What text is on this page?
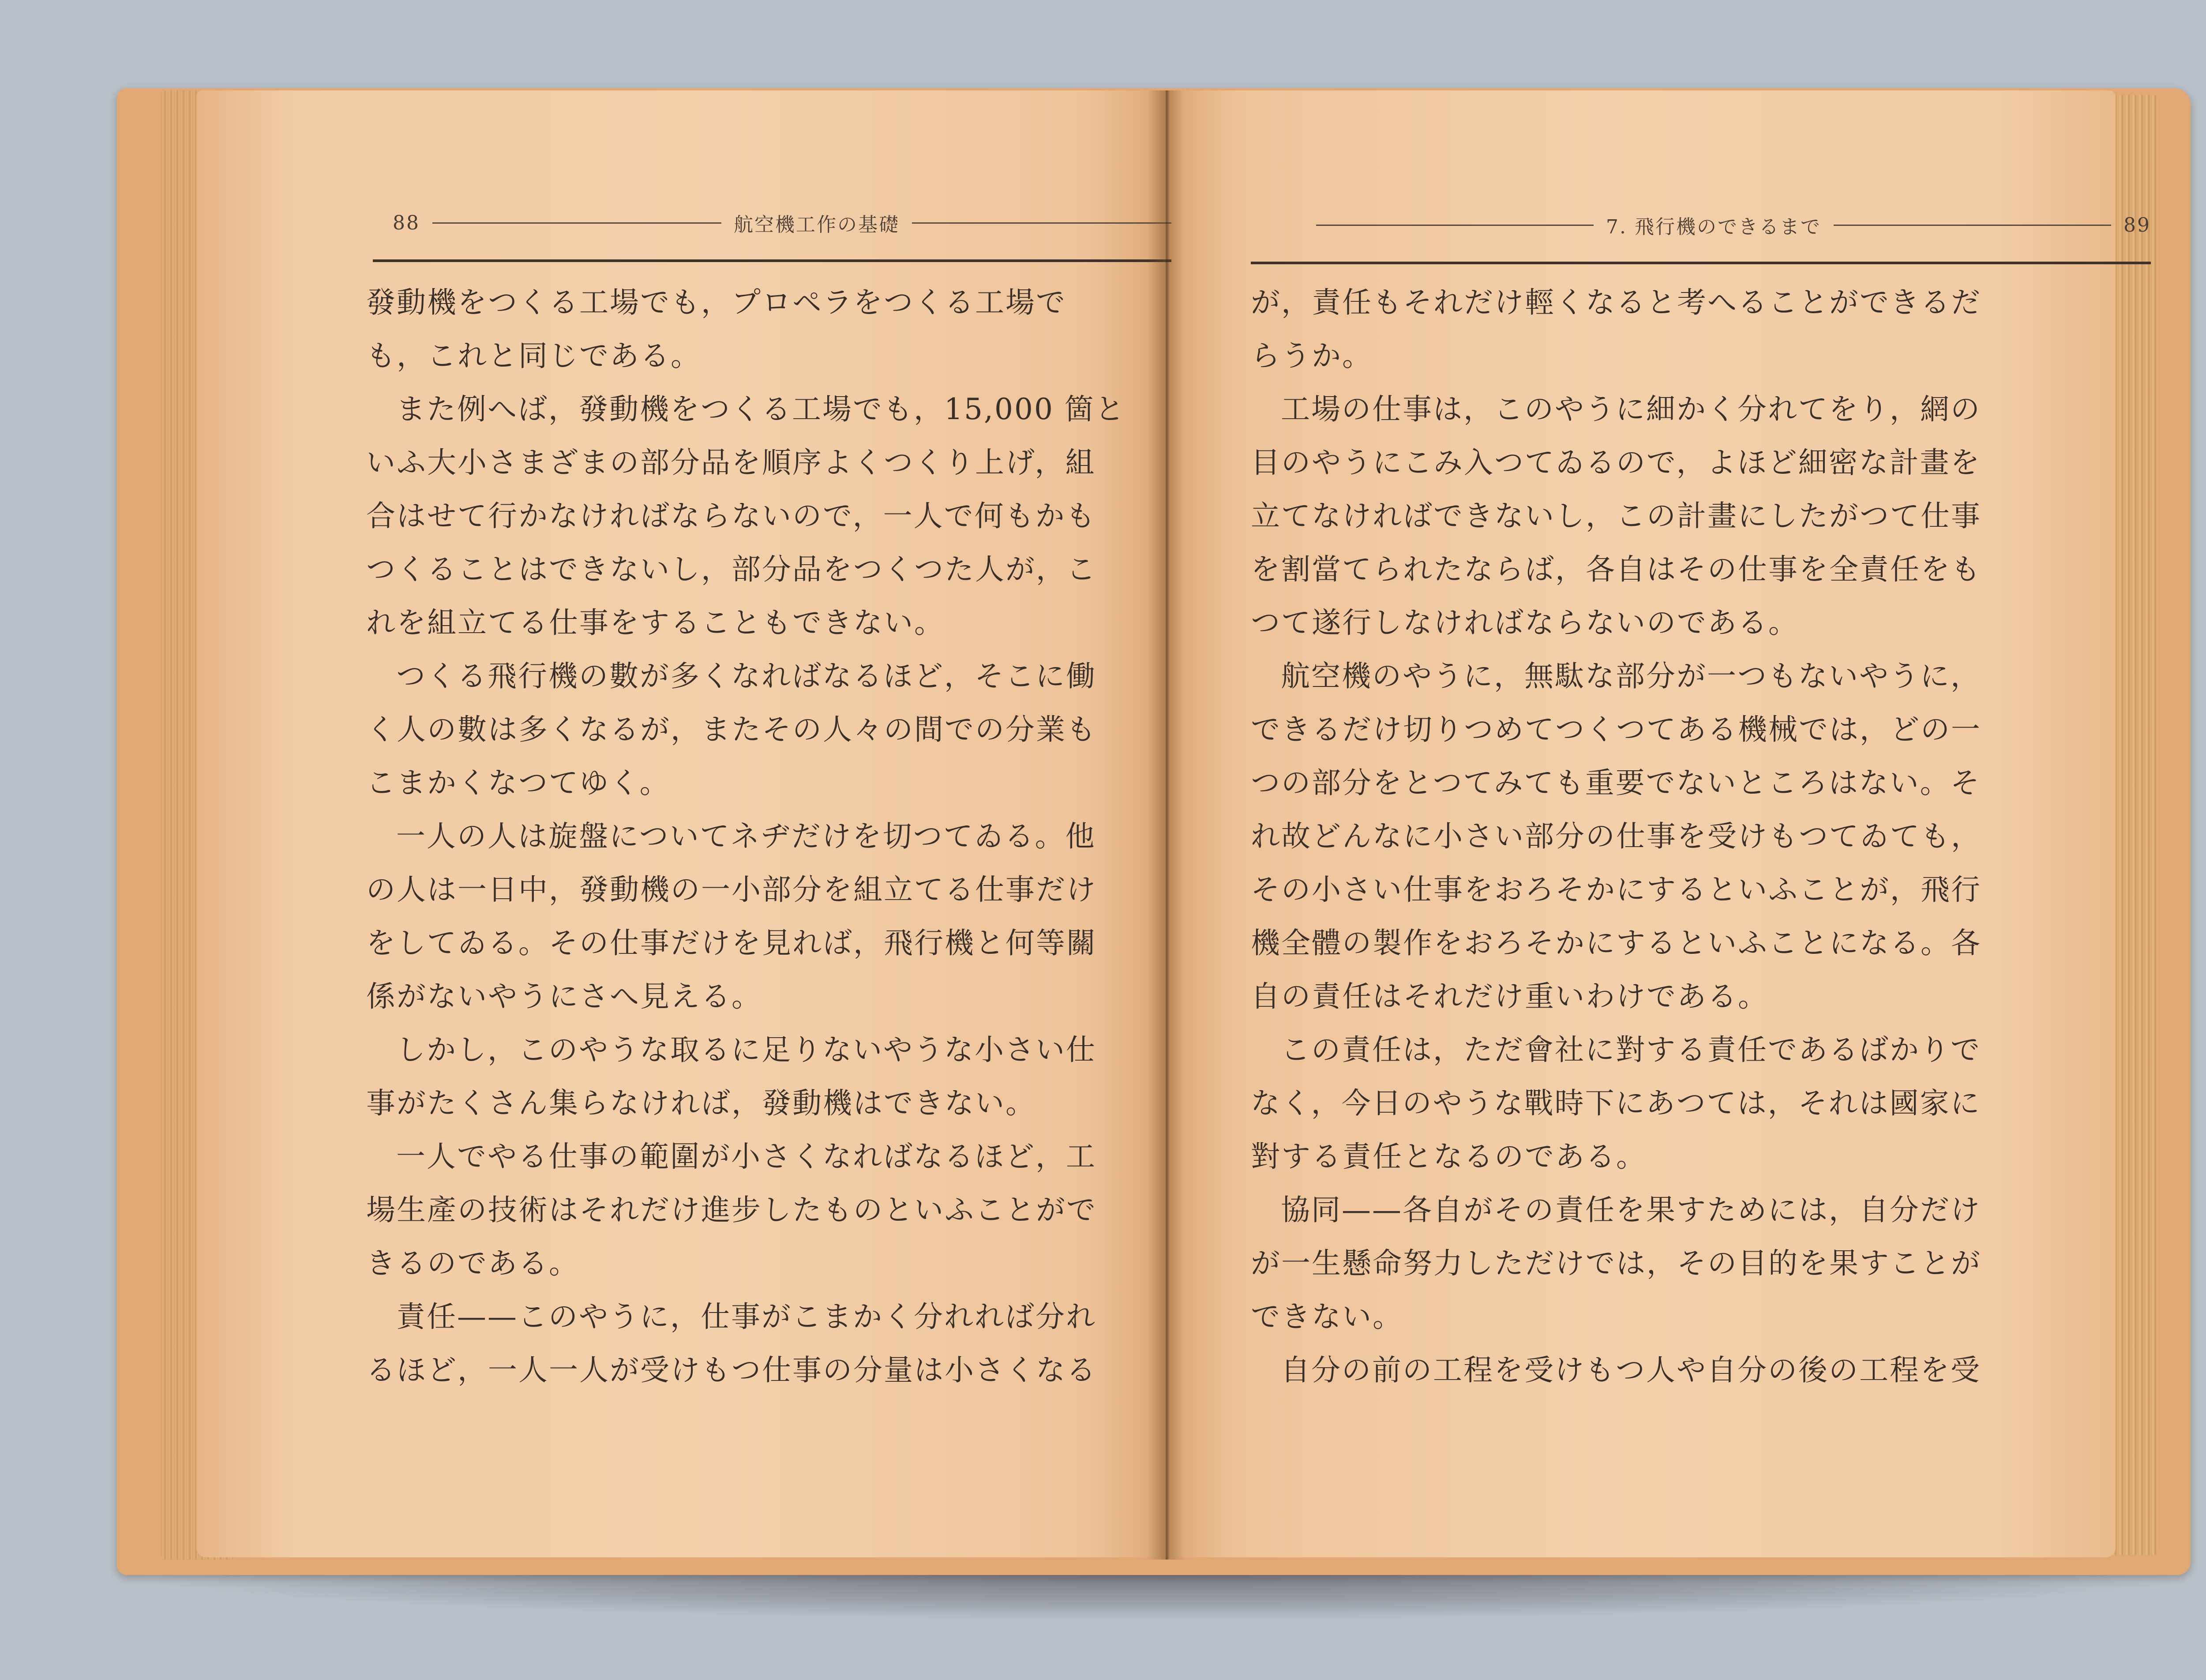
88	航空機工作の基礎

發動機をつくる工場でも，プロペラをつくる工場で

も，これと同じである。

また例へば，發動機をつくる工場でも，15,000 箇と

いふ大小さまざまの部分品を順序よくつくり上げ，組

合はせて行かなければならないので，一人で何もかも

つくることはできないし，部分品をつくつた人が，こ

れを組立てる仕事をすることもできない。

つくる飛行機の數が多くなればなるほど，そこに働

く人の數は多くなるが，またその人々の間での分業も

こまかくなつてゆく。

一人の人は旋盤についてネヂだけを切つてゐる。他

の人は一日中，發動機の一小部分を組立てる仕事だけ

をしてゐる。その仕事だけを見れば，飛行機と何等關

係がないやうにさへ見える。

しかし，このやうな取るに足りないやうな小さい仕

事がたくさん集らなければ，發動機はできない。

一人でやる仕事の範圍が小さくなればなるほど，工

場生產の技術はそれだけ進步したものといふことがで

きるのである。

責任——このやうに，仕事がこまかく分れれば分れ

るほど，一人一人が受けもつ仕事の分量は小さくなる

7. 飛行機のできるまで	89

が，責任もそれだけ輕くなると考へることができるだ

らうか。

工場の仕事は，このやうに細かく分れてをり，網の

目のやうにこみ入つてゐるので，よほど細密な計畫を

立てなければできないし，この計畫にしたがつて仕事

を割當てられたならば，各自はその仕事を全責任をも

つて遂行しなければならないのである。

航空機のやうに，無駄な部分が一つもないやうに，

できるだけ切りつめてつくつてある機械では，どの一

つの部分をとつてみても重要でないところはない。そ

れ故どんなに小さい部分の仕事を受けもつてゐても，

その小さい仕事をおろそかにするといふことが，飛行

機全體の製作をおろそかにするといふことになる。各

自の責任はそれだけ重いわけである。

この責任は，ただ會社に對する責任であるばかりで

なく，今日のやうな戰時下にあつては，それは國家に

對する責任となるのである。

協同——各自がその責任を果すためには，自分だけ

が一生懸命努力しただけでは，その目的を果すことが

できない。

自分の前の工程を受けもつ人や自分の後の工程を受
